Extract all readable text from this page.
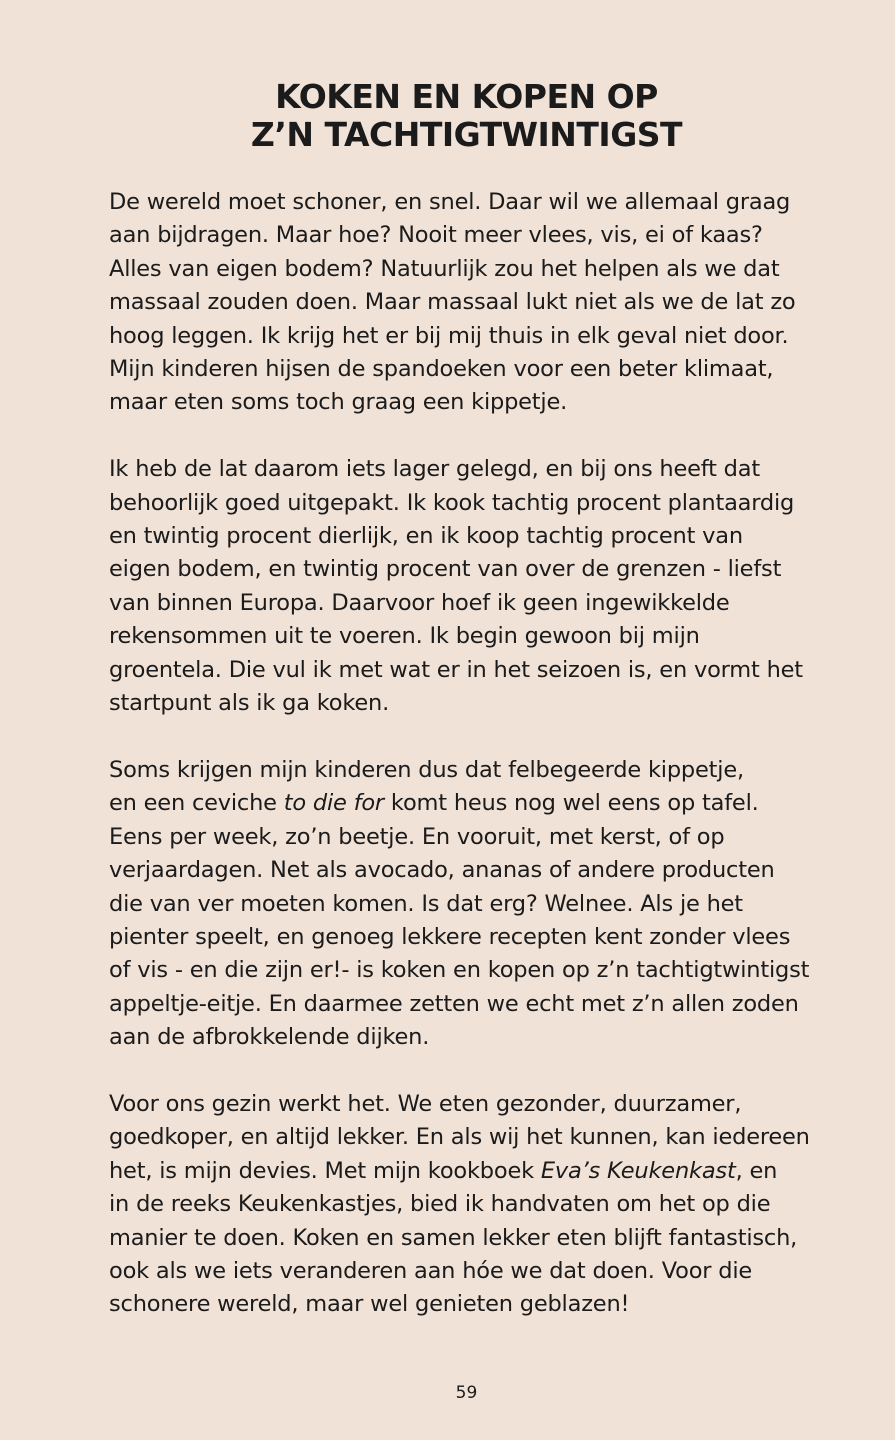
KOKEN EN KOPEN OP
Z’N TACHTIGTWINTIGST

De wereld moet schoner, en snel. Daar wil we allemaal graag
aan bijdragen. Maar hoe? Nooit meer vlees, vis, ei of kaas?
Alles van eigen bodem? Natuurlijk zou het helpen als we dat
massaal zouden doen. Maar massaal lukt niet als we de lat zo
hoog leggen. Ik krijg het er bij mij thuis in elk geval niet door.
Mijn kinderen hijsen de spandoeken voor een beter klimaat,
maar eten soms toch graag een kippetje.

Ik heb de lat daarom iets lager gelegd, en bij ons heeft dat
behoorlijk goed uitgepakt. Ik kook tachtig procent plantaardig
en twintig procent dierlijk, en ik koop tachtig procent van
eigen bodem, en twintig procent van over de grenzen - liefst
van binnen Europa. Daarvoor hoef ik geen ingewikkelde
rekensommen uit te voeren. Ik begin gewoon bij mijn
groentela. Die vul ik met wat er in het seizoen is, en vormt het
startpunt als ik ga koken.

Soms krijgen mijn kinderen dus dat felbegeerde kippetje,
en een ceviche to die for komt heus nog wel eens op tafel.
Eens per week, zo’n beetje. En vooruit, met kerst, of op
verjaardagen. Net als avocado, ananas of andere producten
die van ver moeten komen. Is dat erg? Welnee. Als je het
pienter speelt, en genoeg lekkere recepten kent zonder vlees
of vis - en die zijn er!- is koken en kopen op z’n tachtigtwintigst
appeltje-eitje. En daarmee zetten we echt met z’n allen zoden
aan de afbrokkelende dijken.

Voor ons gezin werkt het. We eten gezonder, duurzamer,
goedkoper, en altijd lekker. En als wij het kunnen, kan iedereen
het, is mijn devies. Met mijn kookboek Eva’s Keukenkast, en
in de reeks Keukenkastjes, bied ik handvaten om het op die
manier te doen. Koken en samen lekker eten blijft fantastisch,
ook als we iets veranderen aan hóe we dat doen. Voor die
schonere wereld, maar wel genieten geblazen!

59
